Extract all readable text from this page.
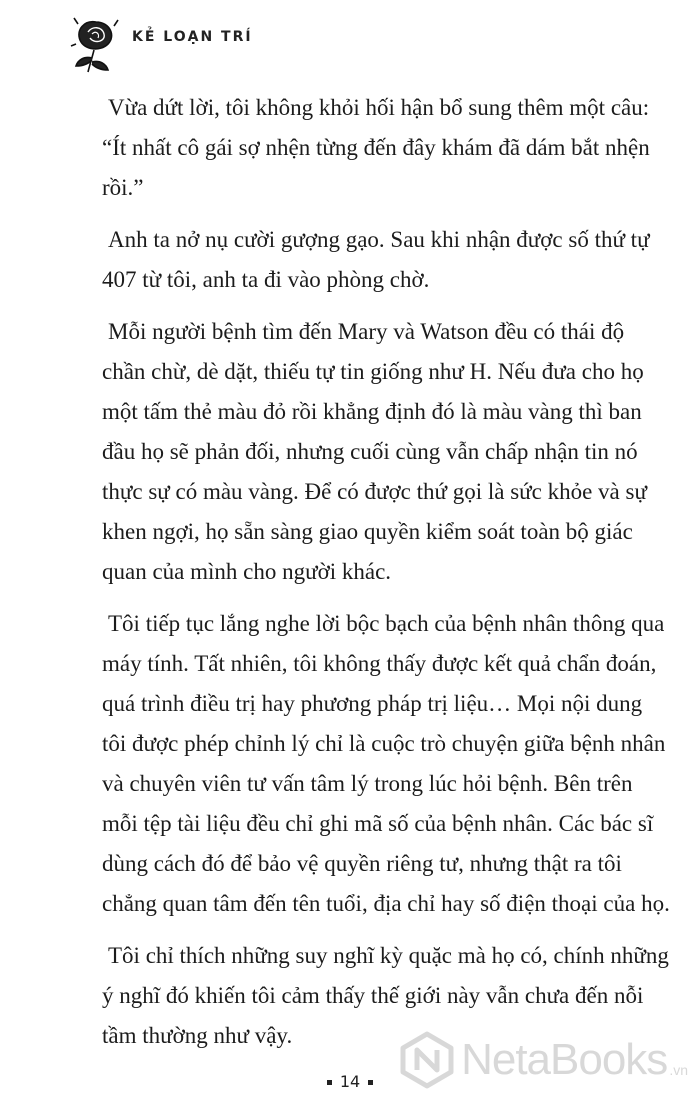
KẺ LOẠN TRÍ

Vừa dứt lời, tôi không khỏi hối hận bổ sung thêm một câu: “Ít nhất cô gái sợ nhện từng đến đây khám đã dám bắt nhện rồi.”

Anh ta nở nụ cười gượng gạo. Sau khi nhận được số thứ tự 407 từ tôi, anh ta đi vào phòng chờ.

Mỗi người bệnh tìm đến Mary và Watson đều có thái độ chần chừ, dè dặt, thiếu tự tin giống như H. Nếu đưa cho họ một tấm thẻ màu đỏ rồi khẳng định đó là màu vàng thì ban đầu họ sẽ phản đối, nhưng cuối cùng vẫn chấp nhận tin nó thực sự có màu vàng. Để có được thứ gọi là sức khỏe và sự khen ngợi, họ sẵn sàng giao quyền kiểm soát toàn bộ giác quan của mình cho người khác.

Tôi tiếp tục lắng nghe lời bộc bạch của bệnh nhân thông qua máy tính. Tất nhiên, tôi không thấy được kết quả chẩn đoán, quá trình điều trị hay phương pháp trị liệu… Mọi nội dung tôi được phép chỉnh lý chỉ là cuộc trò chuyện giữa bệnh nhân và chuyên viên tư vấn tâm lý trong lúc hỏi bệnh. Bên trên mỗi tệp tài liệu đều chỉ ghi mã số của bệnh nhân. Các bác sĩ dùng cách đó để bảo vệ quyền riêng tư, nhưng thật ra tôi chẳng quan tâm đến tên tuổi, địa chỉ hay số điện thoại của họ.

Tôi chỉ thích những suy nghĩ kỳ quặc mà họ có, chính những ý nghĩ đó khiến tôi cảm thấy thế giới này vẫn chưa đến nỗi tầm thường như vậy.

14	NetaBooks .vn
